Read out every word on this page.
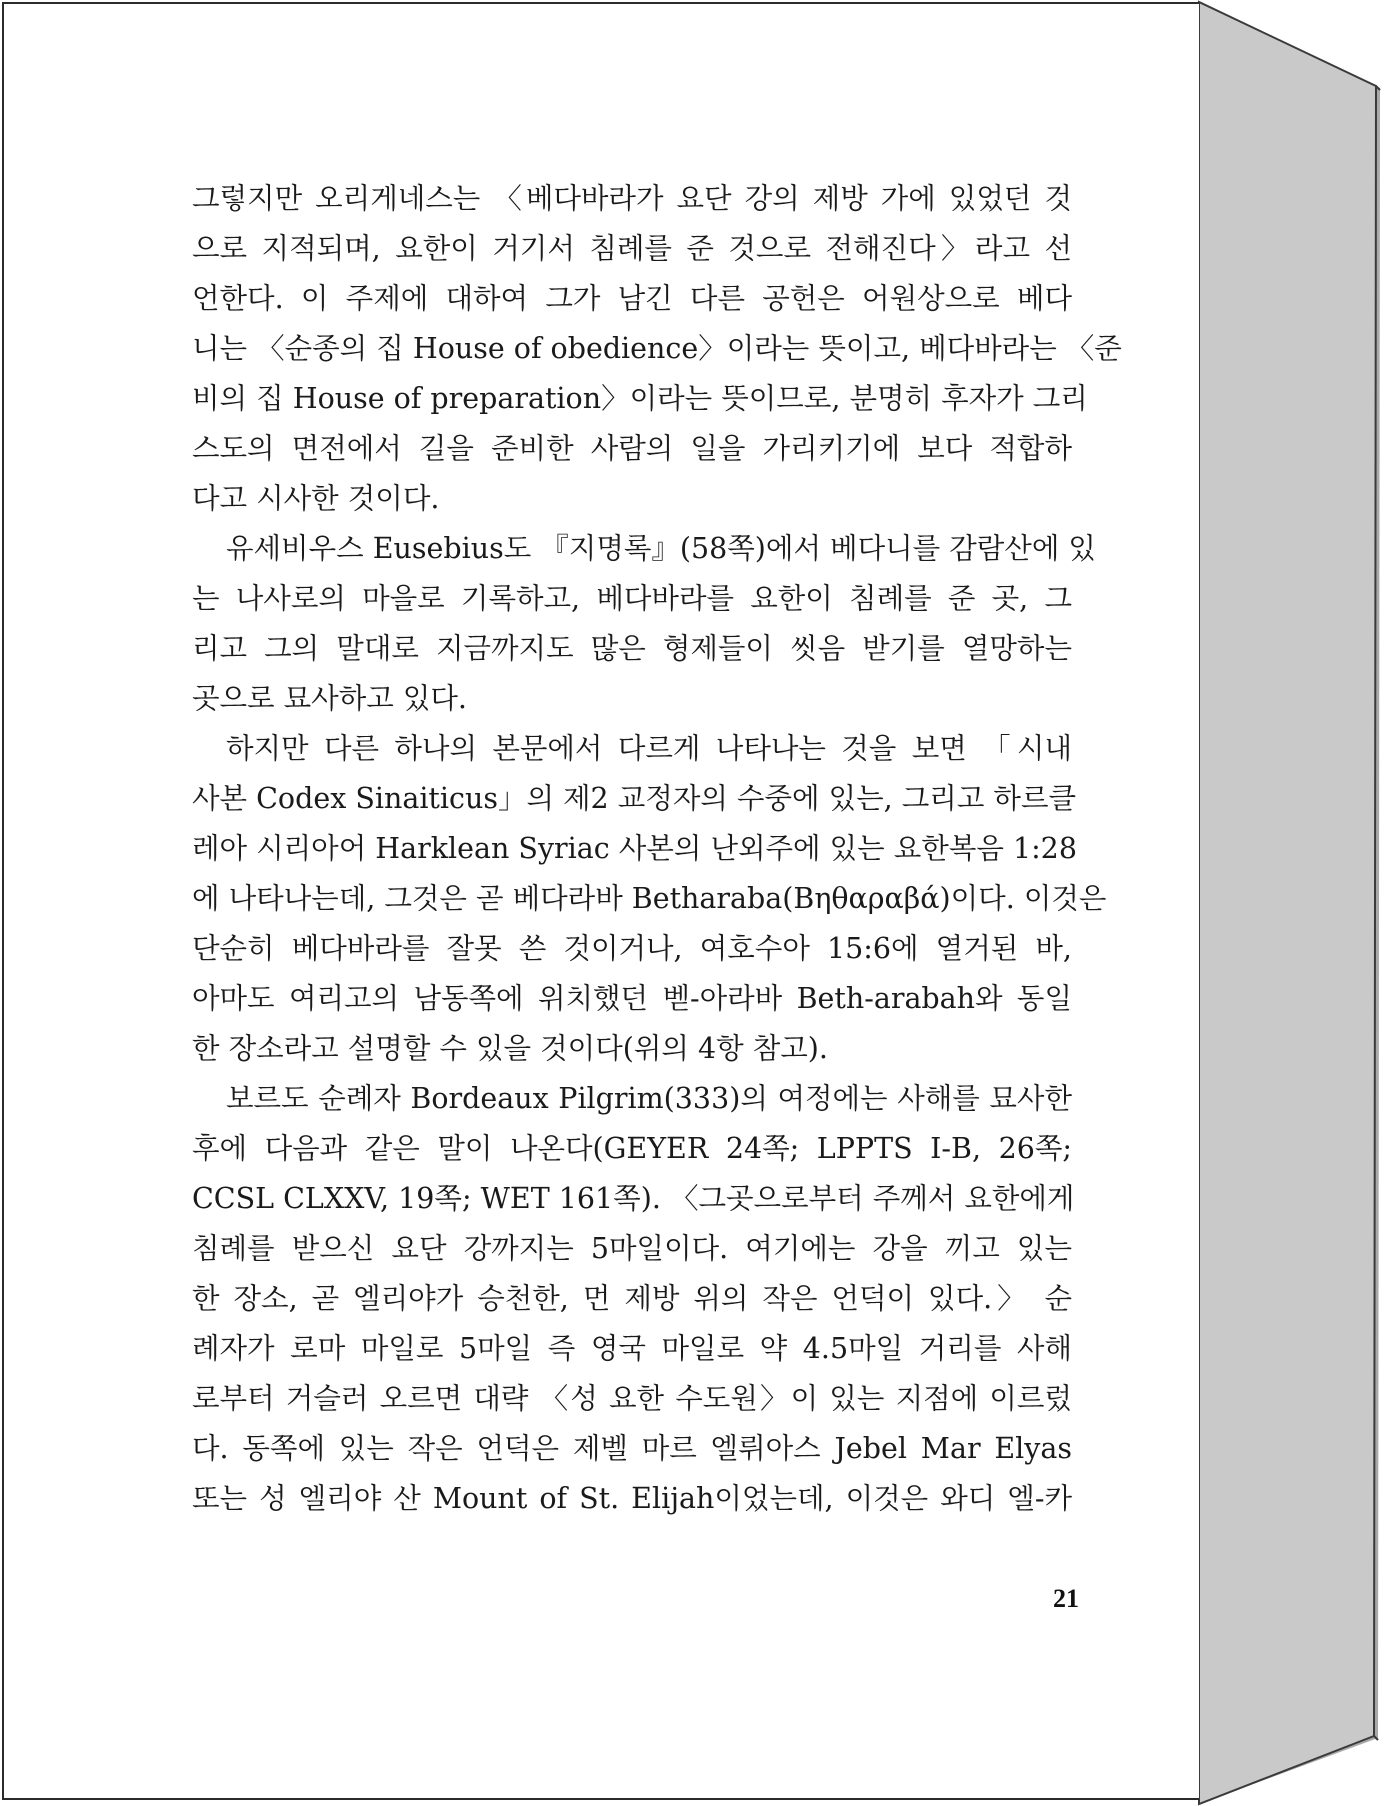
그렇지만 오리게네스는 〈베다바라가 요단 강의 제방 가에 있었던 것
으로 지적되며, 요한이 거기서 침례를 준 것으로 전해진다〉라고 선
언한다. 이 주제에 대하여 그가 남긴 다른 공헌은 어원상으로 베다
니는 〈순종의 집 House of obedience〉이라는 뜻이고, 베다바라는 〈준
비의 집 House of preparation〉이라는 뜻이므로, 분명히 후자가 그리
스도의 면전에서 길을 준비한 사람의 일을 가리키기에 보다 적합하
다고 시사한 것이다.
유세비우스 Eusebius도 『지명록』(58쪽)에서 베다니를 감람산에 있
는 나사로의 마을로 기록하고, 베다바라를 요한이 침례를 준 곳, 그
리고 그의 말대로 지금까지도 많은 형제들이 씻음 받기를 열망하는
곳으로 묘사하고 있다.
하지만 다른 하나의 본문에서 다르게 나타나는 것을 보면 「시내
사본 Codex Sinaiticus」의 제2 교정자의 수중에 있는, 그리고 하르클
레아 시리아어 Harklean Syriac 사본의 난외주에 있는 요한복음 1:28
에 나타나는데, 그것은 곧 베다라바 Betharaba(Βηθαραβά)이다. 이것은
단순히 베다바라를 잘못 쓴 것이거나, 여호수아 15:6에 열거된 바,
아마도 여리고의 남동쪽에 위치했던 벧-아라바 Beth-arabah와 동일
한 장소라고 설명할 수 있을 것이다(위의 4항 참고).
보르도 순례자 Bordeaux Pilgrim(333)의 여정에는 사해를 묘사한
후에 다음과 같은 말이 나온다(GEYER 24쪽; LPPTS I-B, 26쪽;
CCSL CLXXV, 19쪽; WET 161쪽). 〈그곳으로부터 주께서 요한에게
침례를 받으신 요단 강까지는 5마일이다. 여기에는 강을 끼고 있는
한 장소, 곧 엘리야가 승천한, 먼 제방 위의 작은 언덕이 있다.〉 순
례자가 로마 마일로 5마일 즉 영국 마일로 약 4.5마일 거리를 사해
로부터 거슬러 오르면 대략 〈성 요한 수도원〉이 있는 지점에 이르렀
다. 동쪽에 있는 작은 언덕은 제벨 마르 엘뤼아스 Jebel Mar Elyas
또는 성 엘리야 산 Mount of St. Elijah이었는데, 이것은 와디 엘-카
21
